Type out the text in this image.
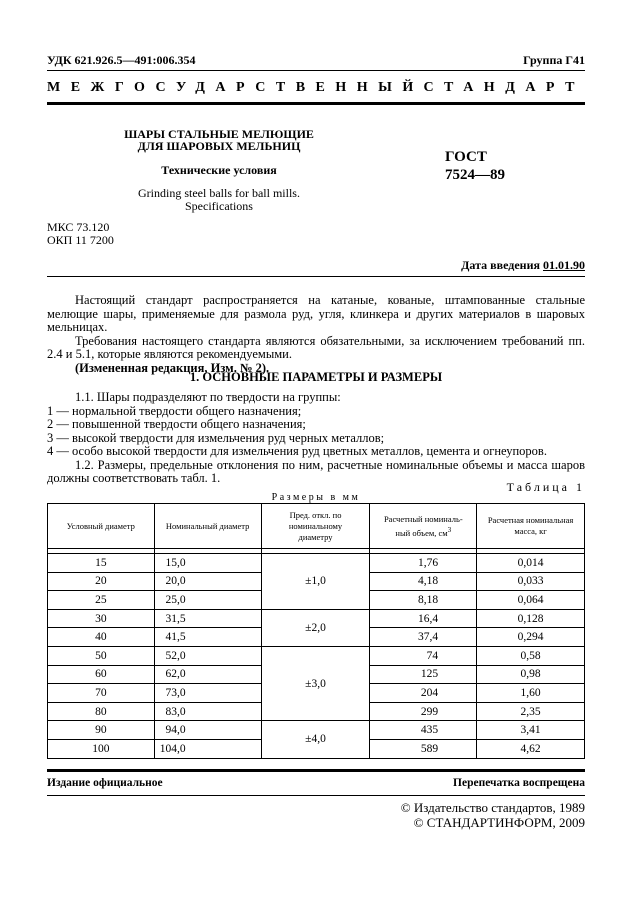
УДК 621.926.5—491:006.354	Группа Г41
МЕЖГОСУДАРСТВЕННЫЙ СТАНДАРТ
ШАРЫ СТАЛЬНЫЕ МЕЛЮЩИЕ
ДЛЯ ШАРОВЫХ МЕЛЬНИЦ
Технические условия
Grinding steel balls for ball mills.
Specifications
ГОСТ
7524—89
МКС 73.120
ОКП 11 7200
Дата введения 01.01.90

Настоящий стандарт распространяется на катаные, кованые, штампованные стальные мелющие шары, применяемые для размола руд, угля, клинкера и других материалов в шаровых мельницах.

Требования настоящего стандарта являются обязательными, за исключением требований пп. 2.4 и 5.1, которые являются рекомендуемыми.

(Измененная редакция, Изм. № 2).

1. ОСНОВНЫЕ ПАРАМЕТРЫ И РАЗМЕРЫ

1.1. Шары подразделяют по твердости на группы:

1 — нормальной твердости общего назначения;

2 — повышенной твердости общего назначения;

3 — высокой твердости для измельчения руд черных металлов;

4 — особо высокой твердости для измельчения руд цветных металлов, цемента и огнеупоров.

1.2. Размеры, предельные отклонения по ним, расчетные номинальные объемы и масса шаров должны соответствовать табл. 1.

Таблица 1
Размеры в мм
Условный диаметр	Номинальный диаметр	Пред. откл. по номинальному диаметру	Расчетный номиналь-ный объем, $см^3$	Расчетная номинальная масса, кг

15	15,0	±1,0	1,76	0,014
20	20,0		4,18	0,033
25	25,0		8,18	0,064
30	31,5	±2,0	16,4	0,128
40	41,5		37,4	0,294
50	52,0	±3,0	74	0,58
60	62,0		125	0,98
70	73,0		204	1,60
80	83,0		299	2,35
90	94,0	±4,0	435	3,41
100	104,0		589	4,62
Издание официальное	Перепечатка воспрещена
© Издательство стандартов, 1989
© СТАНДАРТИНФОРМ, 2009
